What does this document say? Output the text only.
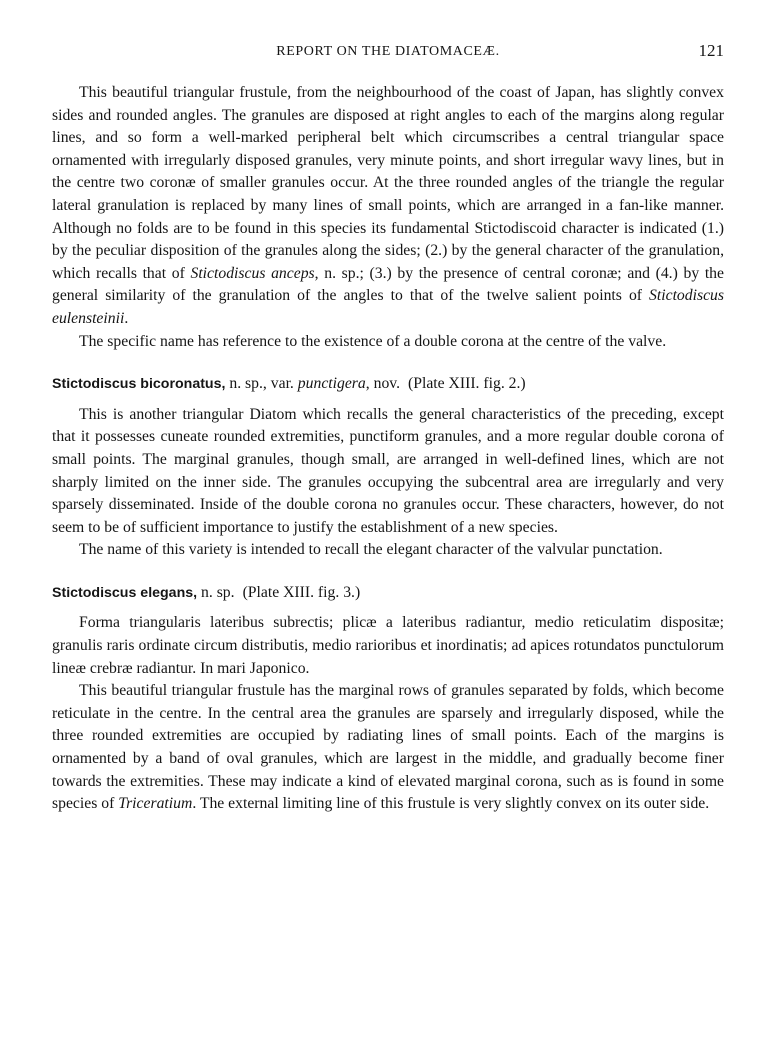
REPORT ON THE DIATOMACEÆ.	121

This beautiful triangular frustule, from the neighbourhood of the coast of Japan, has slightly convex sides and rounded angles. The granules are disposed at right angles to each of the margins along regular lines, and so form a well-marked peripheral belt which circumscribes a central triangular space ornamented with irregularly disposed granules, very minute points, and short irregular wavy lines, but in the centre two coronæ of smaller granules occur. At the three rounded angles of the triangle the regular lateral granulation is replaced by many lines of small points, which are arranged in a fan-like manner. Although no folds are to be found in this species its fundamental Stictodiscoid character is indicated (1.) by the peculiar disposition of the granules along the sides; (2.) by the general character of the granulation, which recalls that of Stictodiscus anceps, n. sp.; (3.) by the presence of central coronæ; and (4.) by the general similarity of the granulation of the angles to that of the twelve salient points of Stictodiscus eulensteinii.

The specific name has reference to the existence of a double corona at the centre of the valve.

Stictodiscus bicoronatus, n. sp., var. punctigera, nov. (Plate XIII. fig. 2.)

This is another triangular Diatom which recalls the general characteristics of the preceding, except that it possesses cuneate rounded extremities, punctiform granules, and a more regular double corona of small points. The marginal granules, though small, are arranged in well-defined lines, which are not sharply limited on the inner side. The granules occupying the subcentral area are irregularly and very sparsely disseminated. Inside of the double corona no granules occur. These characters, however, do not seem to be of sufficient importance to justify the establishment of a new species.

The name of this variety is intended to recall the elegant character of the valvular punctation.

Stictodiscus elegans, n. sp. (Plate XIII. fig. 3.)

Forma triangularis lateribus subrectis; plicæ a lateribus radiantur, medio reticulatim dispositæ; granulis raris ordinate circum distributis, medio rarioribus et inordinatis; ad apices rotundatos punctulorum lineæ crebræ radiantur. In mari Japonico.

This beautiful triangular frustule has the marginal rows of granules separated by folds, which become reticulate in the centre. In the central area the granules are sparsely and irregularly disposed, while the three rounded extremities are occupied by radiating lines of small points. Each of the margins is ornamented by a band of oval granules, which are largest in the middle, and gradually become finer towards the extremities. These may indicate a kind of elevated marginal corona, such as is found in some species of Triceratium. The external limiting line of this frustule is very slightly convex on its outer side.
